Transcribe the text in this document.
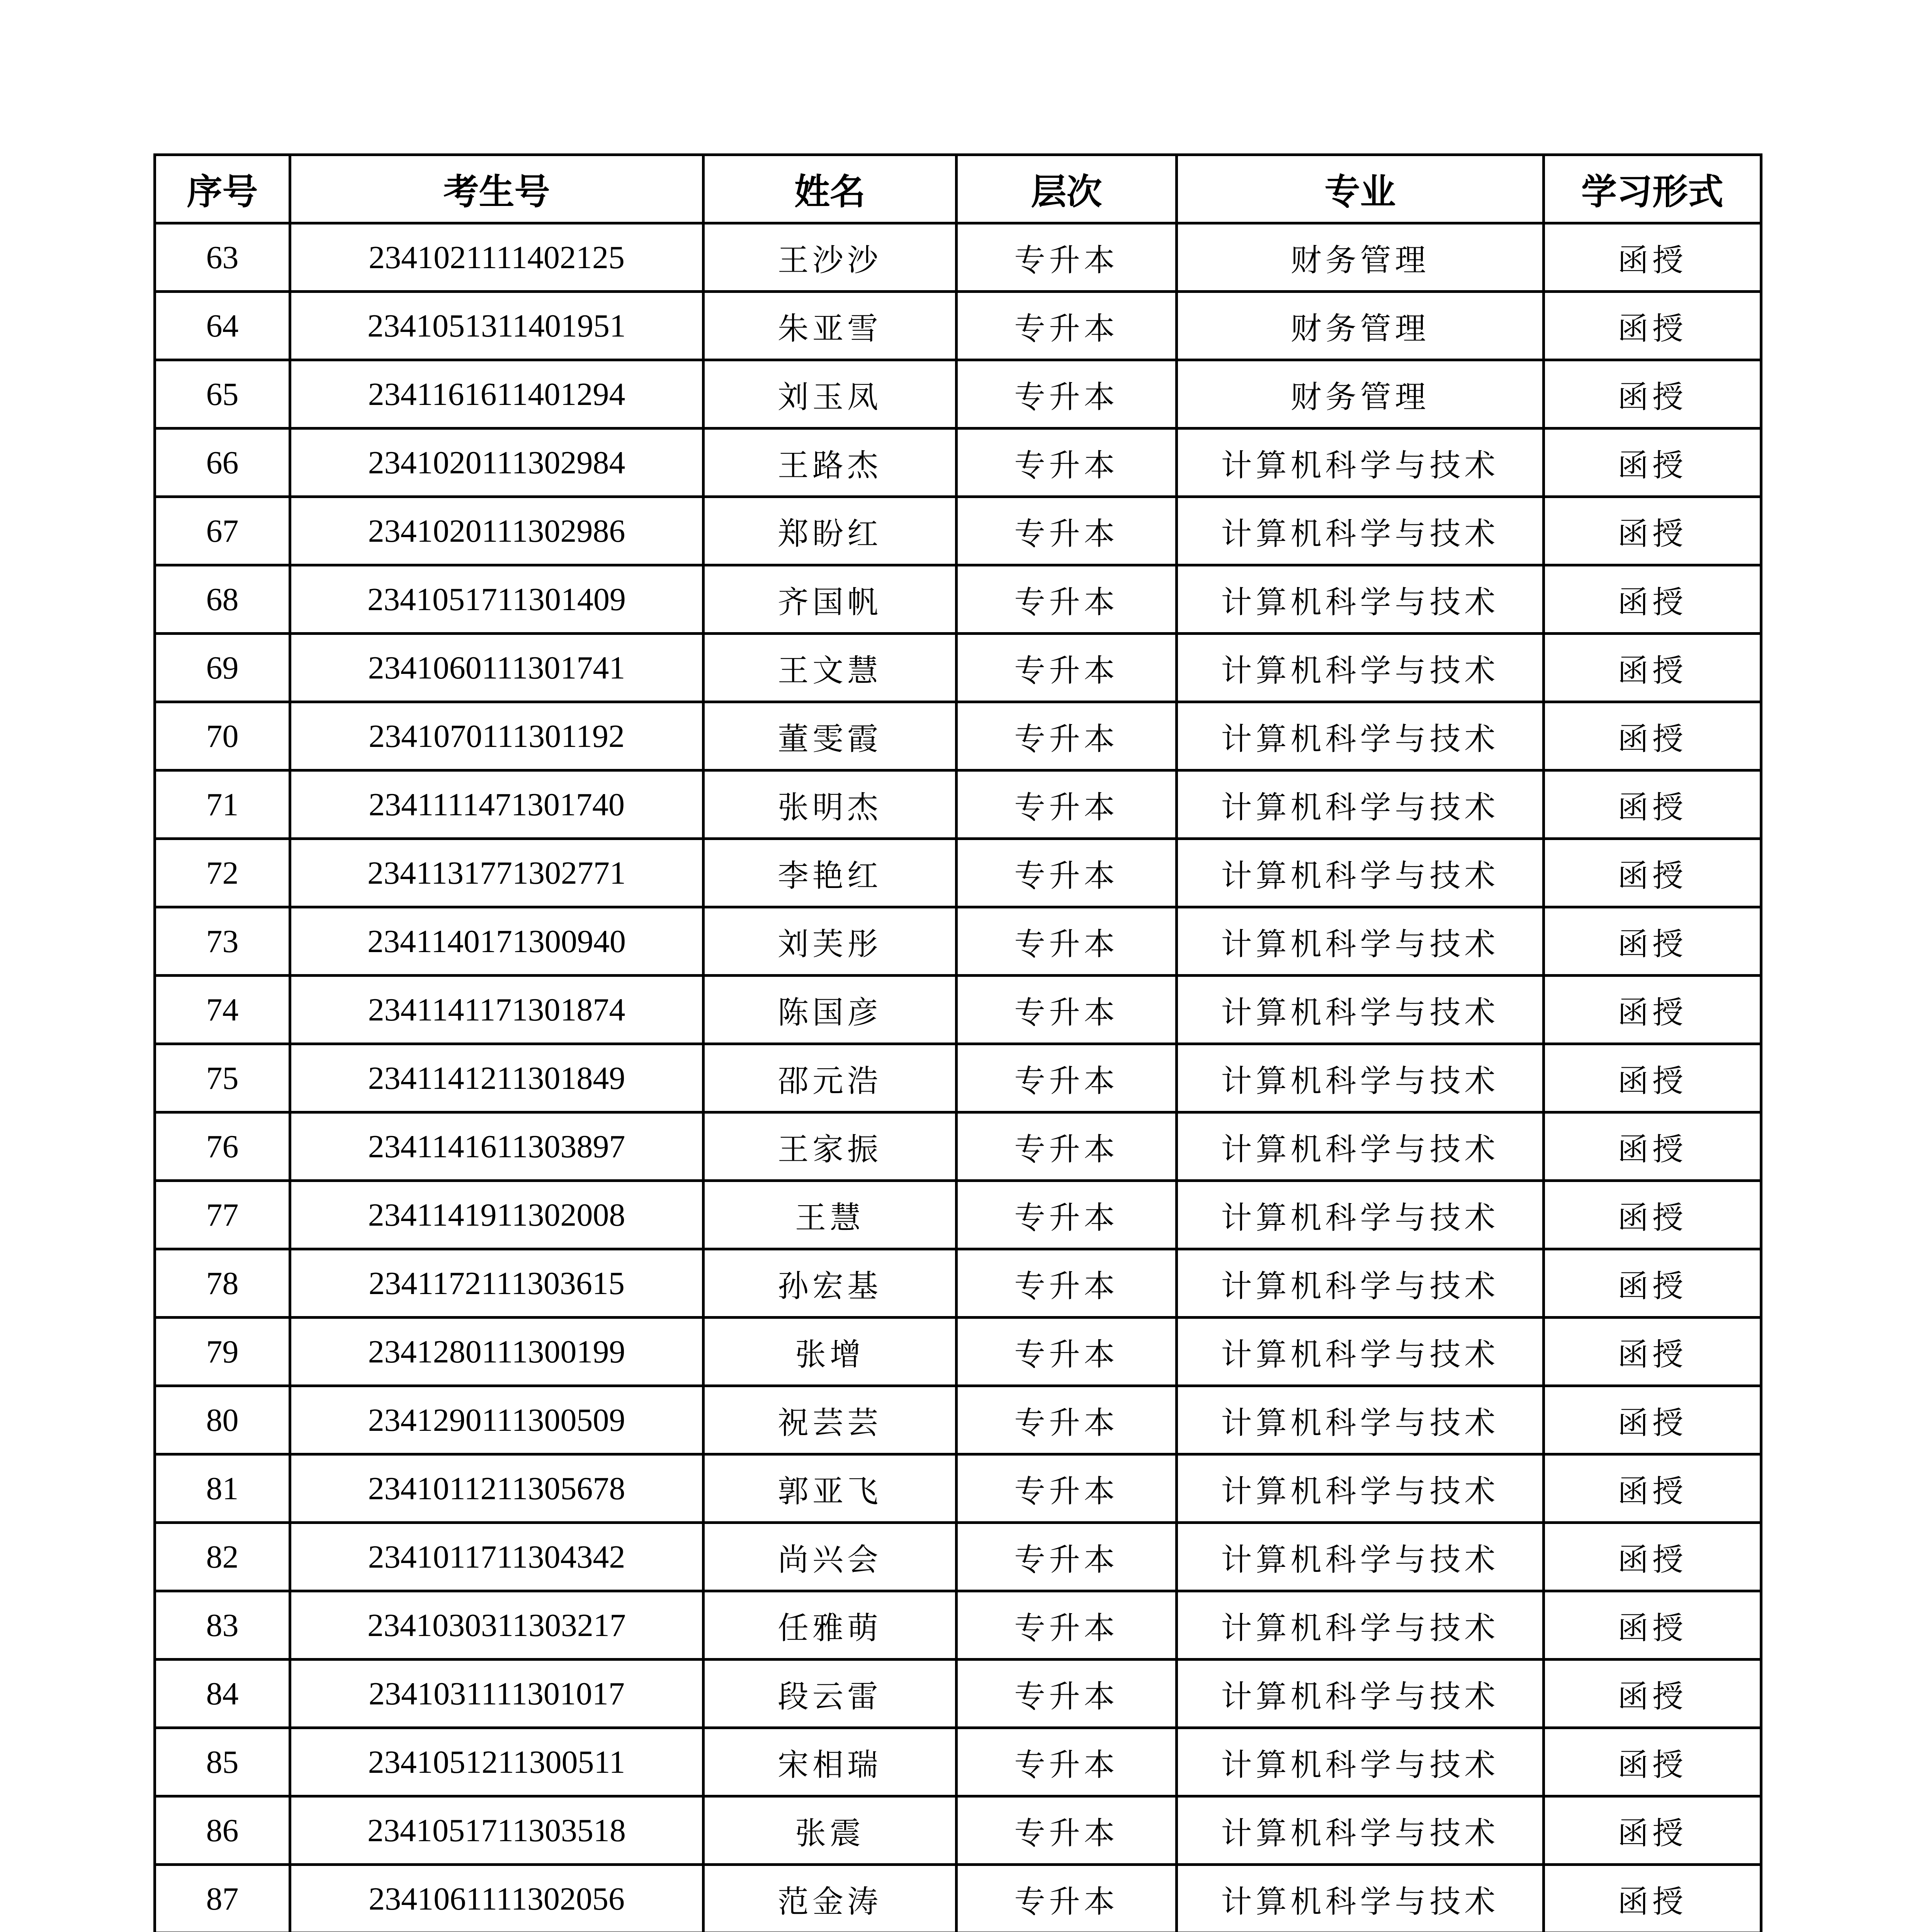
序号	考生号	姓名	层次	专业	学习形式
63	2341021111402125	王沙沙	专升本	财务管理	函授
64	2341051311401951	朱亚雪	专升本	财务管理	函授
65	2341161611401294	刘玉凤	专升本	财务管理	函授
66	2341020111302984	王路杰	专升本	计算机科学与技术	函授
67	2341020111302986	郑盼红	专升本	计算机科学与技术	函授
68	2341051711301409	齐国帆	专升本	计算机科学与技术	函授
69	2341060111301741	王文慧	专升本	计算机科学与技术	函授
70	2341070111301192	董雯霞	专升本	计算机科学与技术	函授
71	2341111471301740	张明杰	专升本	计算机科学与技术	函授
72	2341131771302771	李艳红	专升本	计算机科学与技术	函授
73	2341140171300940	刘芙彤	专升本	计算机科学与技术	函授
74	2341141171301874	陈国彦	专升本	计算机科学与技术	函授
75	2341141211301849	邵元浩	专升本	计算机科学与技术	函授
76	2341141611303897	王家振	专升本	计算机科学与技术	函授
77	2341141911302008	王慧	专升本	计算机科学与技术	函授
78	2341172111303615	孙宏基	专升本	计算机科学与技术	函授
79	2341280111300199	张增	专升本	计算机科学与技术	函授
80	2341290111300509	祝芸芸	专升本	计算机科学与技术	函授
81	2341011211305678	郭亚飞	专升本	计算机科学与技术	函授
82	2341011711304342	尚兴会	专升本	计算机科学与技术	函授
83	2341030311303217	任雅萌	专升本	计算机科学与技术	函授
84	2341031111301017	段云雷	专升本	计算机科学与技术	函授
85	2341051211300511	宋相瑞	专升本	计算机科学与技术	函授
86	2341051711303518	张震	专升本	计算机科学与技术	函授
87	2341061111302056	范金涛	专升本	计算机科学与技术	函授
